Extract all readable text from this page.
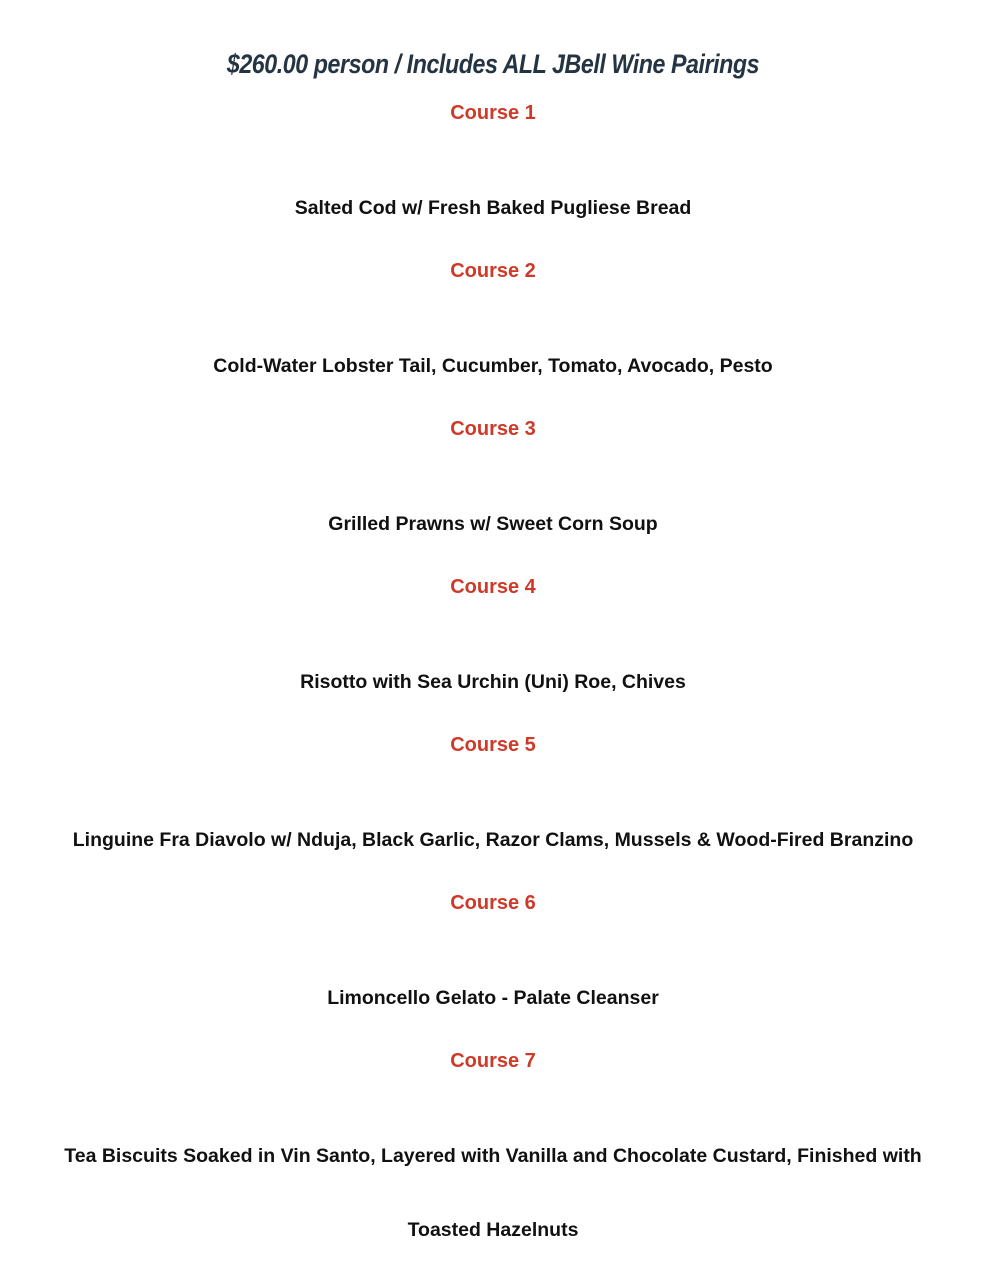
$260.00 person / Includes ALL JBell Wine Pairings
Course 1

Salted Cod w/ Fresh Baked Pugliese Bread

Course 2

Cold-Water Lobster Tail, Cucumber, Tomato, Avocado, Pesto

Course 3

Grilled Prawns w/ Sweet Corn Soup

Course 4

Risotto with Sea Urchin (Uni) Roe, Chives

Course 5

Linguine Fra Diavolo w/ Nduja, Black Garlic, Razor Clams, Mussels & Wood-Fired Branzino

Course 6

Limoncello Gelato - Palate Cleanser

Course 7

Tea Biscuits Soaked in Vin Santo, Layered with Vanilla and Chocolate Custard, Finished with Toasted Hazelnuts
